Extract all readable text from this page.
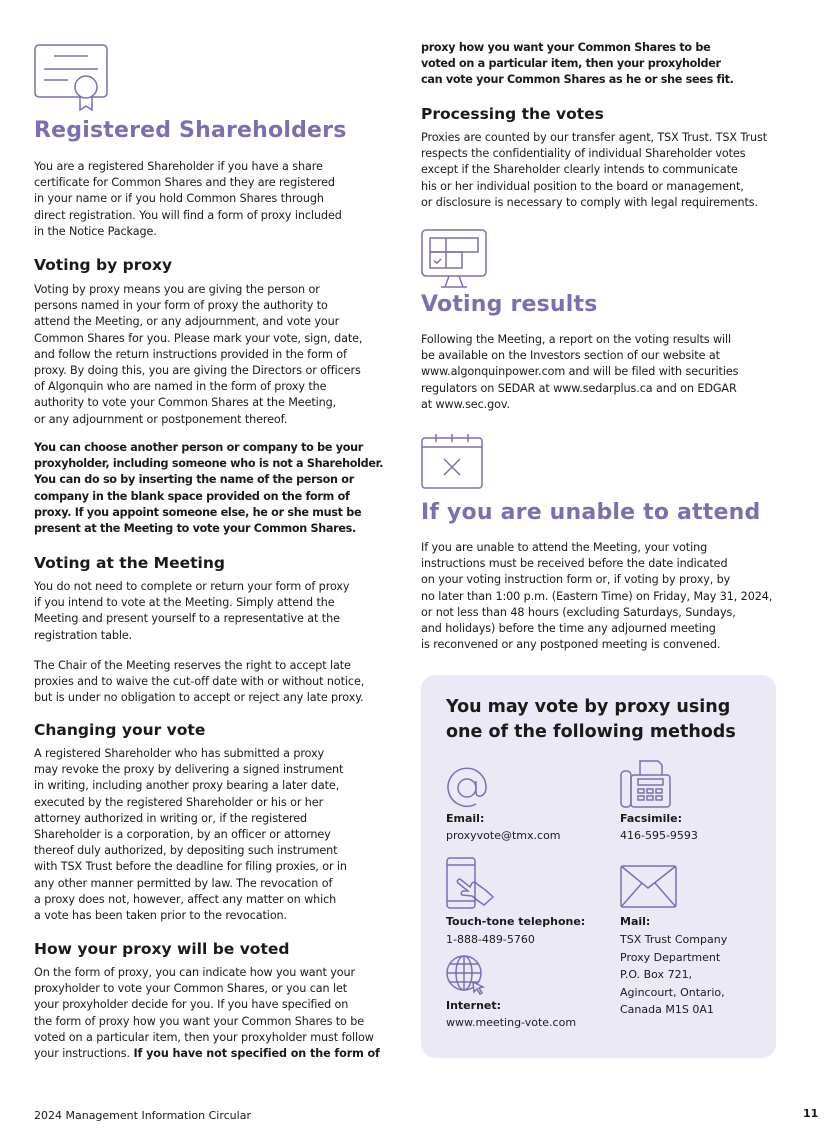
Registered Shareholders
You are a registered Shareholder if you have a share
certificate for Common Shares and they are registered
in your name or if you hold Common Shares through
direct registration. You will find a form of proxy included
in the Notice Package.
Voting by proxy
Voting by proxy means you are giving the person or
persons named in your form of proxy the authority to
attend the Meeting, or any adjournment, and vote your
Common Shares for you. Please mark your vote, sign, date,
and follow the return instructions provided in the form of
proxy. By doing this, you are giving the Directors or officers
of Algonquin who are named in the form of proxy the
authority to vote your Common Shares at the Meeting,
or any adjournment or postponement thereof.
You can choose another person or company to be your
proxyholder, including someone who is not a Shareholder.
You can do so by inserting the name of the person or
company in the blank space provided on the form of
proxy. If you appoint someone else, he or she must be
present at the Meeting to vote your Common Shares.
Voting at the Meeting
You do not need to complete or return your form of proxy
if you intend to vote at the Meeting. Simply attend the
Meeting and present yourself to a representative at the
registration table.
The Chair of the Meeting reserves the right to accept late
proxies and to waive the cut-off date with or without notice,
but is under no obligation to accept or reject any late proxy.
Changing your vote
A registered Shareholder who has submitted a proxy
may revoke the proxy by delivering a signed instrument
in writing, including another proxy bearing a later date,
executed by the registered Shareholder or his or her
attorney authorized in writing or, if the registered
Shareholder is a corporation, by an officer or attorney
thereof duly authorized, by depositing such instrument
with TSX Trust before the deadline for filing proxies, or in
any other manner permitted by law. The revocation of
a proxy does not, however, affect any matter on which
a vote has been taken prior to the revocation.
How your proxy will be voted
On the form of proxy, you can indicate how you want your
proxyholder to vote your Common Shares, or you can let
your proxyholder decide for you. If you have specified on
the form of proxy how you want your Common Shares to be
voted on a particular item, then your proxyholder must follow
your instructions. If you have not specified on the form of
proxy how you want your Common Shares to be
voted on a particular item, then your proxyholder
can vote your Common Shares as he or she sees fit.
Processing the votes
Proxies are counted by our transfer agent, TSX Trust. TSX Trust
respects the confidentiality of individual Shareholder votes
except if the Shareholder clearly intends to communicate
his or her individual position to the board or management,
or disclosure is necessary to comply with legal requirements.
Voting results
Following the Meeting, a report on the voting results will
be available on the Investors section of our website at
www.algonquinpower.com and will be filed with securities
regulators on SEDAR at www.sedarplus.ca and on EDGAR
at www.sec.gov.
If you are unable to attend
If you are unable to attend the Meeting, your voting
instructions must be received before the date indicated
on your voting instruction form or, if voting by proxy, by
no later than 1:00 p.m. (Eastern Time) on Friday, May 31, 2024,
or not less than 48 hours (excluding Saturdays, Sundays,
and holidays) before the time any adjourned meeting
is reconvened or any postponed meeting is convened.
You may vote by proxy using
one of the following methods
Email:
proxyvote@tmx.com
Facsimile:
416-595-9593
Touch-tone telephone:
1-888-489-5760
Mail:
TSX Trust Company
Proxy Department
P.O. Box 721,
Agincourt, Ontario,
Canada M1S 0A1
Internet:
www.meeting-vote.com
2024 Management Information Circular	11
